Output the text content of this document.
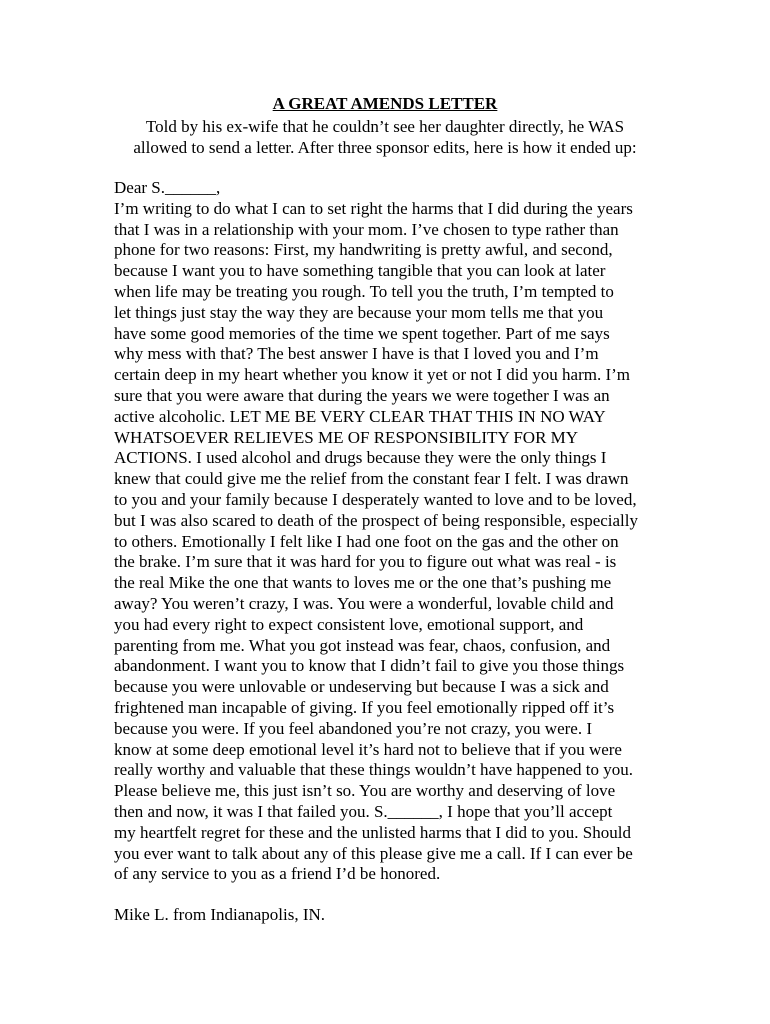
A GREAT AMENDS LETTER
Told by his ex-wife that he couldn’t see her daughter directly, he WAS
allowed to send a letter. After three sponsor edits, here is how it ended up:
Dear S.______,
I’m writing to do what I can to set right the harms that I did during the years
that I was in a relationship with your mom. I’ve chosen to type rather than
phone for two reasons: First, my handwriting is pretty awful, and second,
because I want you to have something tangible that you can look at later
when life may be treating you rough. To tell you the truth, I’m tempted to
let things just stay the way they are because your mom tells me that you
have some good memories of the time we spent together. Part of me says
why mess with that? The best answer I have is that I loved you and I’m
certain deep in my heart whether you know it yet or not I did you harm. I’m
sure that you were aware that during the years we were together I was an
active alcoholic. LET ME BE VERY CLEAR THAT THIS IN NO WAY
WHATSOEVER RELIEVES ME OF RESPONSIBILITY FOR MY
ACTIONS. I used alcohol and drugs because they were the only things I
knew that could give me the relief from the constant fear I felt. I was drawn
to you and your family because I desperately wanted to love and to be loved,
but I was also scared to death of the prospect of being responsible, especially
to others. Emotionally I felt like I had one foot on the gas and the other on
the brake. I’m sure that it was hard for you to figure out what was real - is
the real Mike the one that wants to loves me or the one that’s pushing me
away? You weren’t crazy, I was. You were a wonderful, lovable child and
you had every right to expect consistent love, emotional support, and
parenting from me. What you got instead was fear, chaos, confusion, and
abandonment. I want you to know that I didn’t fail to give you those things
because you were unlovable or undeserving but because I was a sick and
frightened man incapable of giving. If you feel emotionally ripped off it’s
because you were. If you feel abandoned you’re not crazy, you were. I
know at some deep emotional level it’s hard not to believe that if you were
really worthy and valuable that these things wouldn’t have happened to you.
Please believe me, this just isn’t so. You are worthy and deserving of love
then and now, it was I that failed you. S.______, I hope that you’ll accept
my heartfelt regret for these and the unlisted harms that I did to you. Should
you ever want to talk about any of this please give me a call. If I can ever be
of any service to you as a friend I’d be honored.
Mike L. from Indianapolis, IN.
